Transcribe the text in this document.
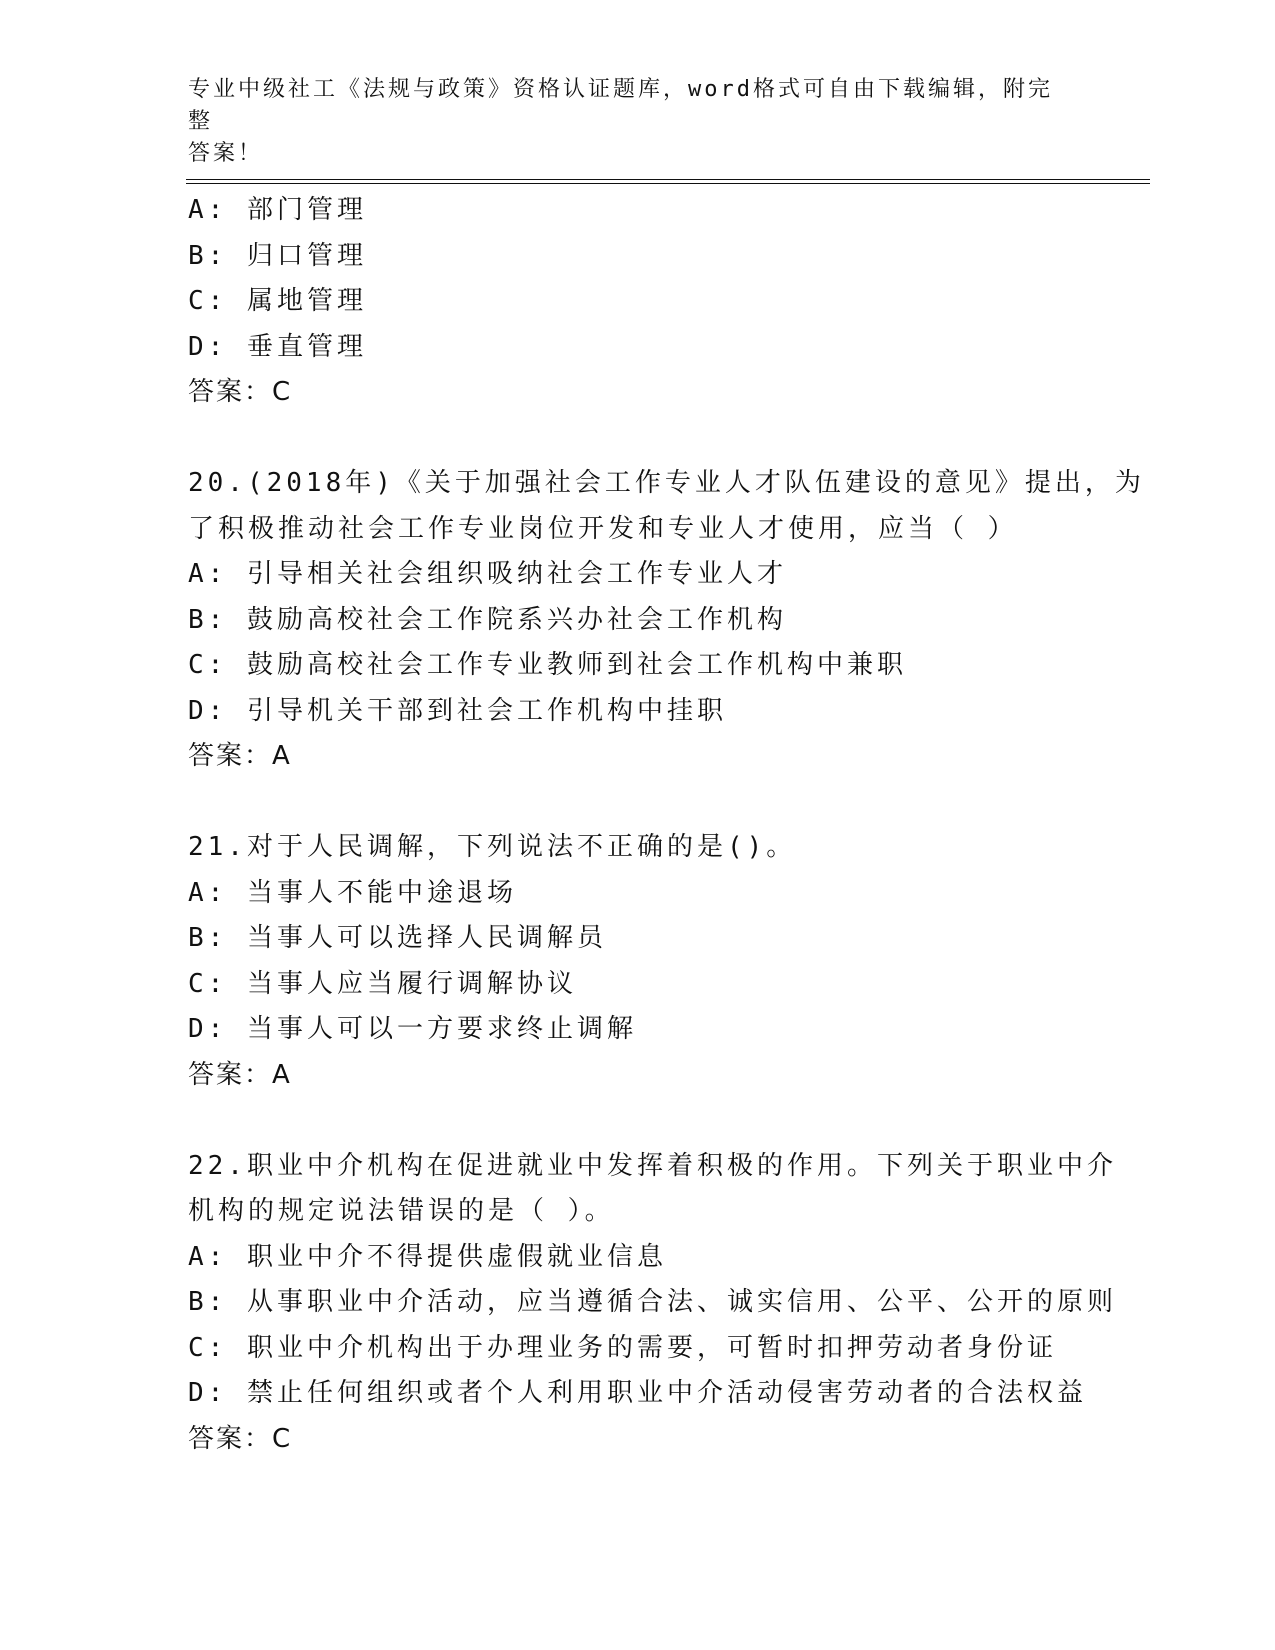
专业中级社工《法规与政策》资格认证题库，word格式可自由下载编辑，附完整
答案！
A: 部门管理
B: 归口管理
C: 属地管理
D: 垂直管理
答案：C
20.(2018年)《关于加强社会工作专业人才队伍建设的意见》提出，为
了积极推动社会工作专业岗位开发和专业人才使用，应当（ ）
A: 引导相关社会组织吸纳社会工作专业人才
B: 鼓励高校社会工作院系兴办社会工作机构
C: 鼓励高校社会工作专业教师到社会工作机构中兼职
D: 引导机关干部到社会工作机构中挂职
答案：A
21.对于人民调解，下列说法不正确的是()。
A: 当事人不能中途退场
B: 当事人可以选择人民调解员
C: 当事人应当履行调解协议
D: 当事人可以一方要求终止调解
答案：A
22.职业中介机构在促进就业中发挥着积极的作用。下列关于职业中介
机构的规定说法错误的是（ ）。
A: 职业中介不得提供虚假就业信息
B: 从事职业中介活动，应当遵循合法、诚实信用、公平、公开的原则
C: 职业中介机构出于办理业务的需要，可暂时扣押劳动者身份证
D: 禁止任何组织或者个人利用职业中介活动侵害劳动者的合法权益
答案：C
